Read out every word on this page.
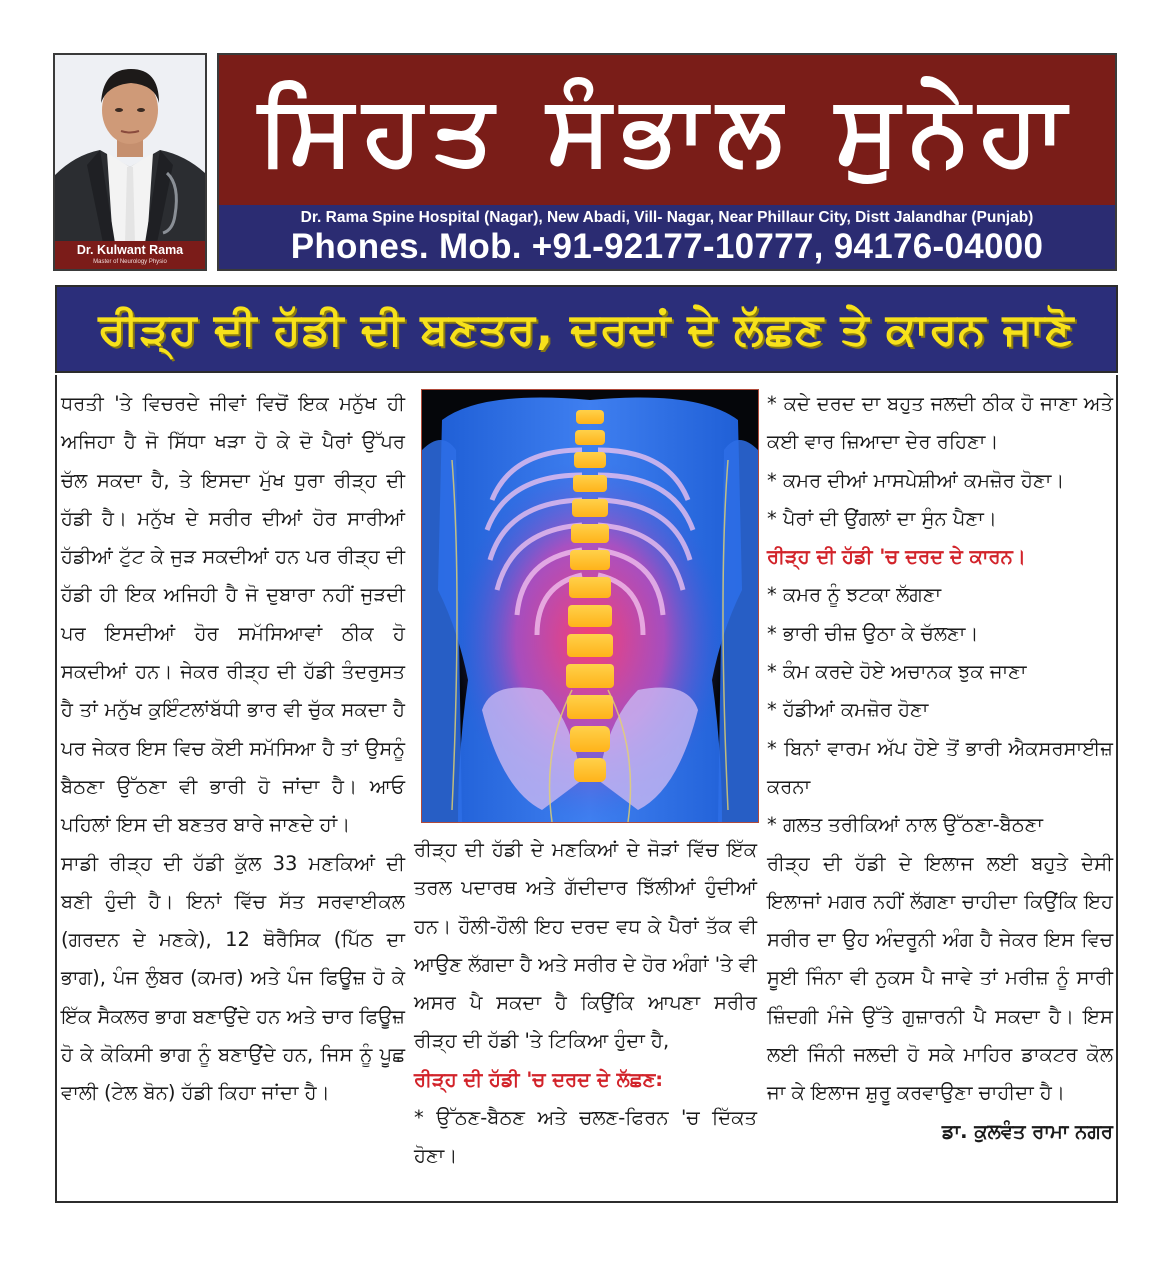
Dr. Kulwant Rama
Master of Neurology Physio
ਸਿਹਤ ਸੰਭਾਲ ਸੁਨੇਹਾ
Dr. Rama Spine Hospital (Nagar), New Abadi, Vill- Nagar, Near Phillaur City, Distt Jalandhar (Punjab)
Phones. Mob. +91-92177-10777, 94176-04000
ਰੀੜ੍ਹ ਦੀ ਹੱਡੀ ਦੀ ਬਣਤਰ, ਦਰਦਾਂ ਦੇ ਲੱਛਣ ਤੇ ਕਾਰਨ ਜਾਣੋ

ਧਰਤੀ 'ਤੇ ਵਿਚਰਦੇ ਜੀਵਾਂ ਵਿਚੋਂ ਇਕ ਮਨੁੱਖ ਹੀ ਅਜਿਹਾ ਹੈ ਜੋ ਸਿੱਧਾ ਖੜਾ ਹੋ ਕੇ ਦੋ ਪੈਰਾਂ ਉੱਪਰ ਚੱਲ ਸਕਦਾ ਹੈ, ਤੇ ਇਸਦਾ ਮੁੱਖ ਧੁਰਾ ਰੀੜ੍ਹ ਦੀ ਹੱਡੀ ਹੈ। ਮਨੁੱਖ ਦੇ ਸਰੀਰ ਦੀਆਂ ਹੋਰ ਸਾਰੀਆਂ ਹੱਡੀਆਂ ਟੁੱਟ ਕੇ ਜੁੜ ਸਕਦੀਆਂ ਹਨ ਪਰ ਰੀੜ੍ਹ ਦੀ ਹੱਡੀ ਹੀ ਇਕ ਅਜਿਹੀ ਹੈ ਜੋ ਦੁਬਾਰਾ ਨਹੀਂ ਜੁੜਦੀ ਪਰ ਇਸਦੀਆਂ ਹੋਰ ਸਮੱਸਿਆਵਾਂ ਠੀਕ ਹੋ ਸਕਦੀਆਂ ਹਨ। ਜੇਕਰ ਰੀੜ੍ਹ ਦੀ ਹੱਡੀ ਤੰਦਰੁਸਤ ਹੈ ਤਾਂ ਮਨੁੱਖ ਕੁਇੰਟਲਾਂਬੱਧੀ ਭਾਰ ਵੀ ਚੁੱਕ ਸਕਦਾ ਹੈ ਪਰ ਜੇਕਰ ਇਸ ਵਿਚ ਕੋਈ ਸਮੱਸਿਆ ਹੈ ਤਾਂ ਉਸਨੂੰ ਬੈਠਣਾ ਉੱਠਣਾ ਵੀ ਭਾਰੀ ਹੋ ਜਾਂਦਾ ਹੈ। ਆਓ ਪਹਿਲਾਂ ਇਸ ਦੀ ਬਣਤਰ ਬਾਰੇ ਜਾਣਦੇ ਹਾਂ।

ਸਾਡੀ ਰੀੜ੍ਹ ਦੀ ਹੱਡੀ ਕੁੱਲ 33 ਮਣਕਿਆਂ ਦੀ ਬਣੀ ਹੁੰਦੀ ਹੈ। ਇਨਾਂ ਵਿੱਚ ਸੱਤ ਸਰਵਾਈਕਲ (ਗਰਦਨ ਦੇ ਮਣਕੇ), 12 ਥੋਰੈਸਿਕ (ਪਿੱਠ ਦਾ ਭਾਗ), ਪੰਜ ਲੁੰਬਰ (ਕਮਰ) ਅਤੇ ਪੰਜ ਫਿਊਜ਼ ਹੋ ਕੇ ਇੱਕ ਸੈਕਲਰ ਭਾਗ ਬਣਾਉਂਦੇ ਹਨ ਅਤੇ ਚਾਰ ਫਿਊਜ਼ ਹੋ ਕੇ ਕੋਕਿਸੀ ਭਾਗ ਨੂੰ ਬਣਾਉਂਦੇ ਹਨ, ਜਿਸ ਨੂੰ ਪੂਛ ਵਾਲੀ (ਟੇਲ ਬੋਨ) ਹੱਡੀ ਕਿਹਾ ਜਾਂਦਾ ਹੈ।

ਰੀੜ੍ਹ ਦੀ ਹੱਡੀ ਦੇ ਮਣਕਿਆਂ ਦੇ ਜੋੜਾਂ ਵਿੱਚ ਇੱਕ ਤਰਲ ਪਦਾਰਥ ਅਤੇ ਗੱਦੀਦਾਰ ਝਿੱਲੀਆਂ ਹੁੰਦੀਆਂ ਹਨ। ਹੌਲੀ-ਹੌਲੀ ਇਹ ਦਰਦ ਵਧ ਕੇ ਪੈਰਾਂ ਤੱਕ ਵੀ ਆਉਣ ਲੱਗਦਾ ਹੈ ਅਤੇ ਸਰੀਰ ਦੇ ਹੋਰ ਅੰਗਾਂ 'ਤੇ ਵੀ ਅਸਰ ਪੈ ਸਕਦਾ ਹੈ ਕਿਉਂਕਿ ਆਪਣਾ ਸਰੀਰ ਰੀੜ੍ਹ ਦੀ ਹੱਡੀ 'ਤੇ ਟਿਕਿਆ ਹੁੰਦਾ ਹੈ,

ਰੀੜ੍ਹ ਦੀ ਹੱਡੀ 'ਚ ਦਰਦ ਦੇ ਲੱਛਣ:

* ਉੱਠਣ-ਬੈਠਣ ਅਤੇ ਚਲਣ-ਫਿਰਨ 'ਚ ਦਿੱਕਤ ਹੋਣਾ।

* ਕਦੇ ਦਰਦ ਦਾ ਬਹੁਤ ਜਲਦੀ ਠੀਕ ਹੋ ਜਾਣਾ ਅਤੇ ਕਈ ਵਾਰ ਜ਼ਿਆਦਾ ਦੇਰ ਰਹਿਣਾ।

* ਕਮਰ ਦੀਆਂ ਮਾਸਪੇਸ਼ੀਆਂ ਕਮਜ਼ੋਰ ਹੋਣਾ।

* ਪੈਰਾਂ ਦੀ ਉਂਗਲਾਂ ਦਾ ਸੁੰਨ ਪੈਣਾ।

ਰੀੜ੍ਹ ਦੀ ਹੱਡੀ 'ਚ ਦਰਦ ਦੇ ਕਾਰਨ।

* ਕਮਰ ਨੂੰ ਝਟਕਾ ਲੱਗਣਾ

* ਭਾਰੀ ਚੀਜ਼ ਉਠਾ ਕੇ ਚੱਲਣਾ।

* ਕੰਮ ਕਰਦੇ ਹੋਏ ਅਚਾਨਕ ਝੁਕ ਜਾਣਾ

* ਹੱਡੀਆਂ ਕਮਜ਼ੋਰ ਹੋਣਾ

* ਬਿਨਾਂ ਵਾਰਮ ਅੱਪ ਹੋਏ ਤੋਂ ਭਾਰੀ ਐਕਸਰਸਾਈਜ਼ ਕਰਨਾ

* ਗਲਤ ਤਰੀਕਿਆਂ ਨਾਲ ਉੱਠਣਾ-ਬੈਠਣਾ

ਰੀੜ੍ਹ ਦੀ ਹੱਡੀ ਦੇ ਇਲਾਜ ਲਈ ਬਹੁਤੇ ਦੇਸੀ ਇਲਾਜਾਂ ਮਗਰ ਨਹੀਂ ਲੱਗਣਾ ਚਾਹੀਦਾ ਕਿਉਂਕਿ ਇਹ ਸਰੀਰ ਦਾ ਉਹ ਅੰਦਰੂਨੀ ਅੰਗ ਹੈ ਜੇਕਰ ਇਸ ਵਿਚ ਸੂਈ ਜਿੰਨਾ ਵੀ ਨੁਕਸ ਪੈ ਜਾਵੇ ਤਾਂ ਮਰੀਜ਼ ਨੂੰ ਸਾਰੀ ਜ਼ਿੰਦਗੀ ਮੰਜੇ ਉੱਤੇ ਗੁਜ਼ਾਰਨੀ ਪੈ ਸਕਦਾ ਹੈ। ਇਸ ਲਈ ਜਿੰਨੀ ਜਲਦੀ ਹੋ ਸਕੇ ਮਾਹਿਰ ਡਾਕਟਰ ਕੋਲ ਜਾ ਕੇ ਇਲਾਜ ਸ਼ੁਰੂ ਕਰਵਾਉਣਾ ਚਾਹੀਦਾ ਹੈ।

ਡਾ. ਕੁਲਵੰਤ ਰਾਮਾ ਨਗਰ
